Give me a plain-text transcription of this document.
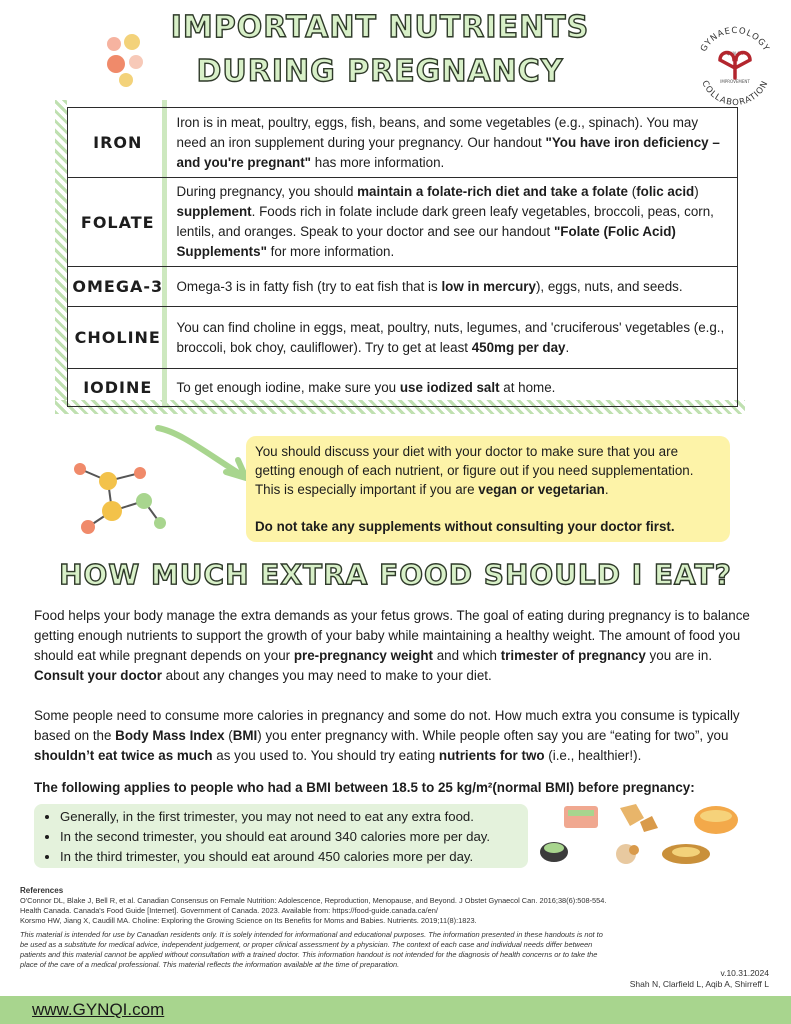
IMPORTANT NUTRIENTS
DURING PREGNANCY
GYNAECOLOGY
COLLABORATION
QUALITY
IMPROVEMENT
IRON	Iron is in meat, poultry, eggs, fish, beans, and some vegetables (e.g., spinach). You may need an iron supplement during your pregnancy. Our handout "You have iron deficiency – and you're pregnant" has more information.
FOLATE	During pregnancy, you should maintain a folate-rich diet and take a folate (folic acid) supplement. Foods rich in folate include dark green leafy vegetables, broccoli, peas, corn, lentils, and oranges. Speak to your doctor and see our handout "Folate (Folic Acid) Supplements" for more information.
OMEGA-3	Omega-3 is in fatty fish (try to eat fish that is low in mercury), eggs, nuts, and seeds.
CHOLINE	You can find choline in eggs, meat, poultry, nuts, legumes, and 'cruciferous' vegetables (e.g., broccoli, bok choy, cauliflower). Try to get at least 450mg per day.
IODINE	To get enough iodine, make sure you use iodized salt at home.

You should discuss your diet with your doctor to make sure that you are getting enough of each nutrient, or figure out if you need supplementation. This is especially important if you are vegan or vegetarian.

Do not take any supplements without consulting your doctor first.

HOW MUCH EXTRA FOOD SHOULD I EAT?

Food helps your body manage the extra demands as your fetus grows. The goal of eating during pregnancy is to balance getting enough nutrients to support the growth of your baby while maintaining a healthy weight. The amount of food you should eat while pregnant depends on your pre-pregnancy weight and which trimester of pregnancy you are in. Consult your doctor about any changes you may need to make to your diet.

Some people need to consume more calories in pregnancy and some do not. How much extra you consume is typically based on the Body Mass Index (BMI) you enter pregnancy with. While people often say you are “eating for two”, you shouldn’t eat twice as much as you used to. You should try eating nutrients for two (i.e., healthier!).

The following applies to people who had a BMI between 18.5 to 25 kg/m²(normal BMI) before pregnancy:
• Generally, in the first trimester, you may not need to eat any extra food.
• In the second trimester, you should eat around 340 calories more per day.
• In the third trimester, you should eat around 450 calories more per day.
References
O'Connor DL, Blake J, Bell R, et al. Canadian Consensus on Female Nutrition: Adolescence, Reproduction, Menopause, and Beyond. J Obstet Gynaecol Can. 2016;38(6):508-554.
Health Canada. Canada's Food Guide [Internet]. Government of Canada. 2023. Available from: https://food-guide.canada.ca/en/
Korsmo HW, Jiang X, Caudill MA. Choline: Exploring the Growing Science on Its Benefits for Moms and Babies. Nutrients. 2019;11(8):1823.
This material is intended for use by Canadian residents only. It is solely intended for informational and educational purposes. The information presented in these handouts is not to be used as a substitute for medical advice, independent judgement, or proper clinical assessment by a physician. The context of each case and individual needs differ between patients and this material cannot be applied without consultation with a trained doctor. This information handout is not intended for the diagnosis of health concerns or to take the place of the care of a medical professional. This material reflects the information available at the time of preparation.
v.10.31.2024
Shah N, Clarfield L, Aqib A, Shirreff L
www.GYNQI.com
